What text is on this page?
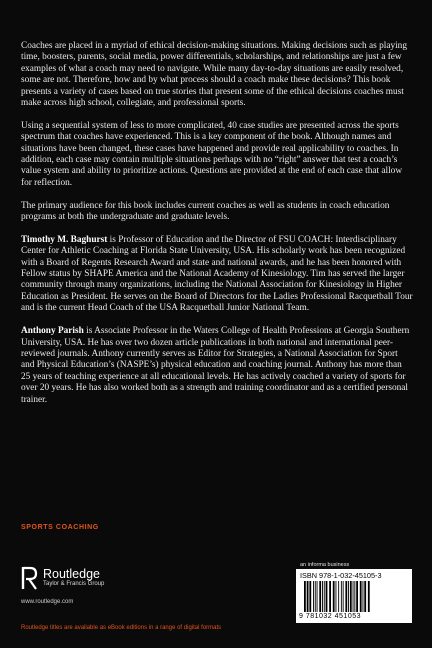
Coaches are placed in a myriad of ethical decision-making situations. Making decisions such as playing time, boosters, parents, social media, power differentials, scholarships, and relationships are just a few examples of what a coach may need to navigate. While many day-to-day situations are easily resolved, some are not. Therefore, how and by what process should a coach make these decisions? This book presents a variety of cases based on true stories that present some of the ethical decisions coaches must make across high school, collegiate, and professional sports.

Using a sequential system of less to more complicated, 40 case studies are presented across the sports spectrum that coaches have experienced. This is a key component of the book. Although names and situations have been changed, these cases have happened and provide real applicability to coaches. In addition, each case may contain multiple situations perhaps with no “right” answer that test a coach’s value system and ability to prioritize actions. Questions are provided at the end of each case that allow for reflection.

The primary audience for this book includes current coaches as well as students in coach education programs at both the undergraduate and graduate levels.

Timothy M. Baghurst is Professor of Education and the Director of FSU COACH: Interdisciplinary Center for Athletic Coaching at Florida State University, USA. His scholarly work has been recognized with a Board of Regents Research Award and state and national awards, and he has been honored with Fellow status by SHAPE America and the National Academy of Kinesiology. Tim has served the larger community through many organizations, including the National Association for Kinesiology in Higher Education as President. He serves on the Board of Directors for the Ladies Professional Racquetball Tour and is the current Head Coach of the USA Racquetball Junior National Team.

Anthony Parish is Associate Professor in the Waters College of Health Professions at Georgia Southern University, USA. He has over two dozen article publications in both national and international peer-reviewed journals. Anthony currently serves as Editor for Strategies, a National Association for Sport and Physical Education’s (NASPE’s) physical education and coaching journal. Anthony has more than 25 years of teaching experience at all educational levels. He has actively coached a variety of sports for over 20 years. He has also worked both as a strength and training coordinator and as a certified personal trainer.

SPORTS COACHING
Routledge
Taylor & Francis Group
www.routledge.com
Routledge titles are available as eBook editions in a range of digital formats
an informa business
ISBN 978-1-032-45105-3
9 781032 451053
